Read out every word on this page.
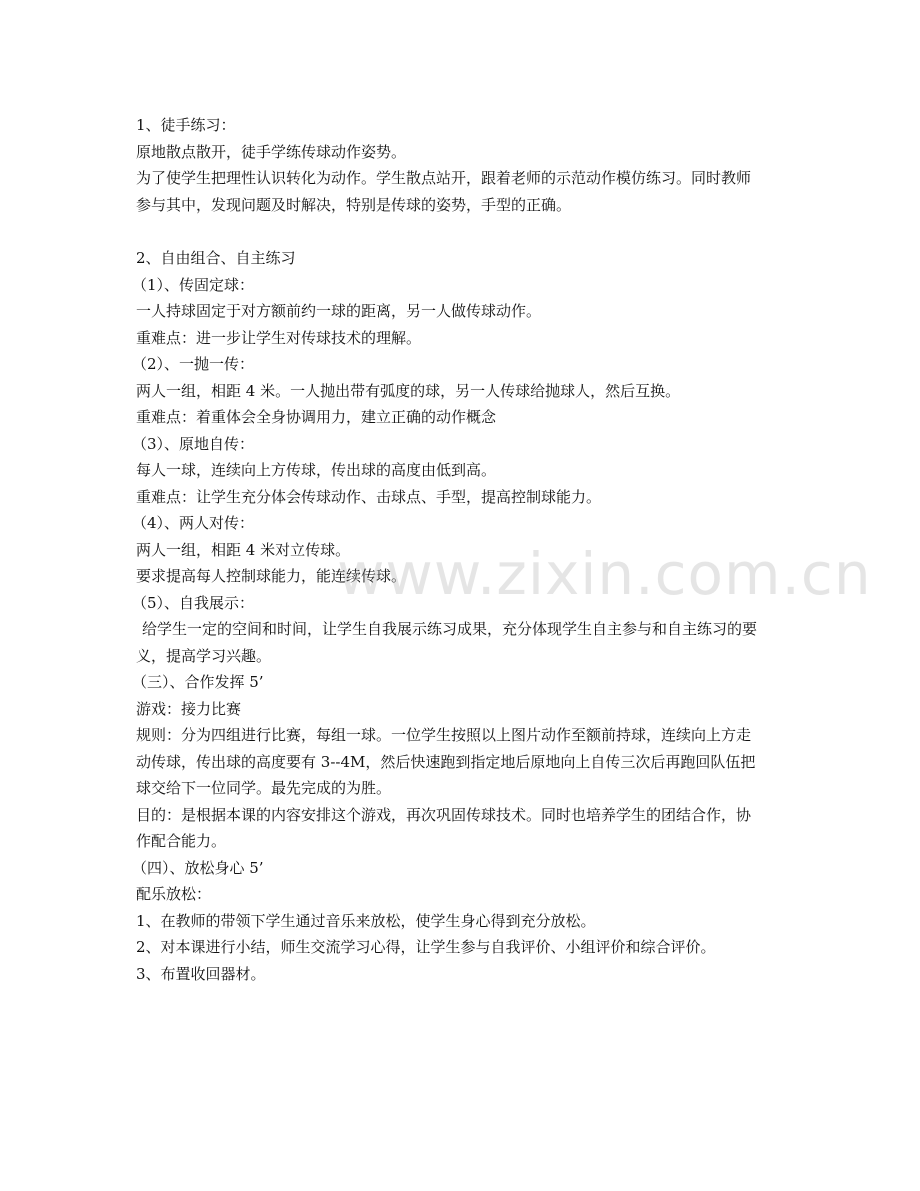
1、徒手练习：
原地散点散开，徒手学练传球动作姿势。
为了使学生把理性认识转化为动作。学生散点站开，跟着老师的示范动作模仿练习。同时教师
参与其中，发现问题及时解决，特别是传球的姿势，手型的正确。
2、自由组合、自主练习
（1）、传固定球：
一人持球固定于对方额前约一球的距离，另一人做传球动作。
重难点：进一步让学生对传球技术的理解。
（2）、一抛一传：
两人一组，相距 4 米。一人抛出带有弧度的球，另一人传球给抛球人，然后互换。
重难点：着重体会全身协调用力，建立正确的动作概念
（3）、原地自传：
每人一球，连续向上方传球，传出球的高度由低到高。
重难点：让学生充分体会传球动作、击球点、手型，提高控制球能力。
（4）、两人对传：
两人一组，相距 4 米对立传球。
要求提高每人控制球能力，能连续传球。
（5）、自我展示：
给学生一定的空间和时间，让学生自我展示练习成果，充分体现学生自主参与和自主练习的要
义，提高学习兴趣。
（三）、合作发挥 5’
游戏：接力比赛
规则：分为四组进行比赛，每组一球。一位学生按照以上图片动作至额前持球，连续向上方走
动传球，传出球的高度要有 3--4M，然后快速跑到指定地后原地向上自传三次后再跑回队伍把
球交给下一位同学。最先完成的为胜。
目的：是根据本课的内容安排这个游戏，再次巩固传球技术。同时也培养学生的团结合作，协
作配合能力。
（四）、放松身心 5’
配乐放松：
1、在教师的带领下学生通过音乐来放松，使学生身心得到充分放松。
2、对本课进行小结，师生交流学习心得，让学生参与自我评价、小组评价和综合评价。
3、布置收回器材。
www.zixin.com.cn
